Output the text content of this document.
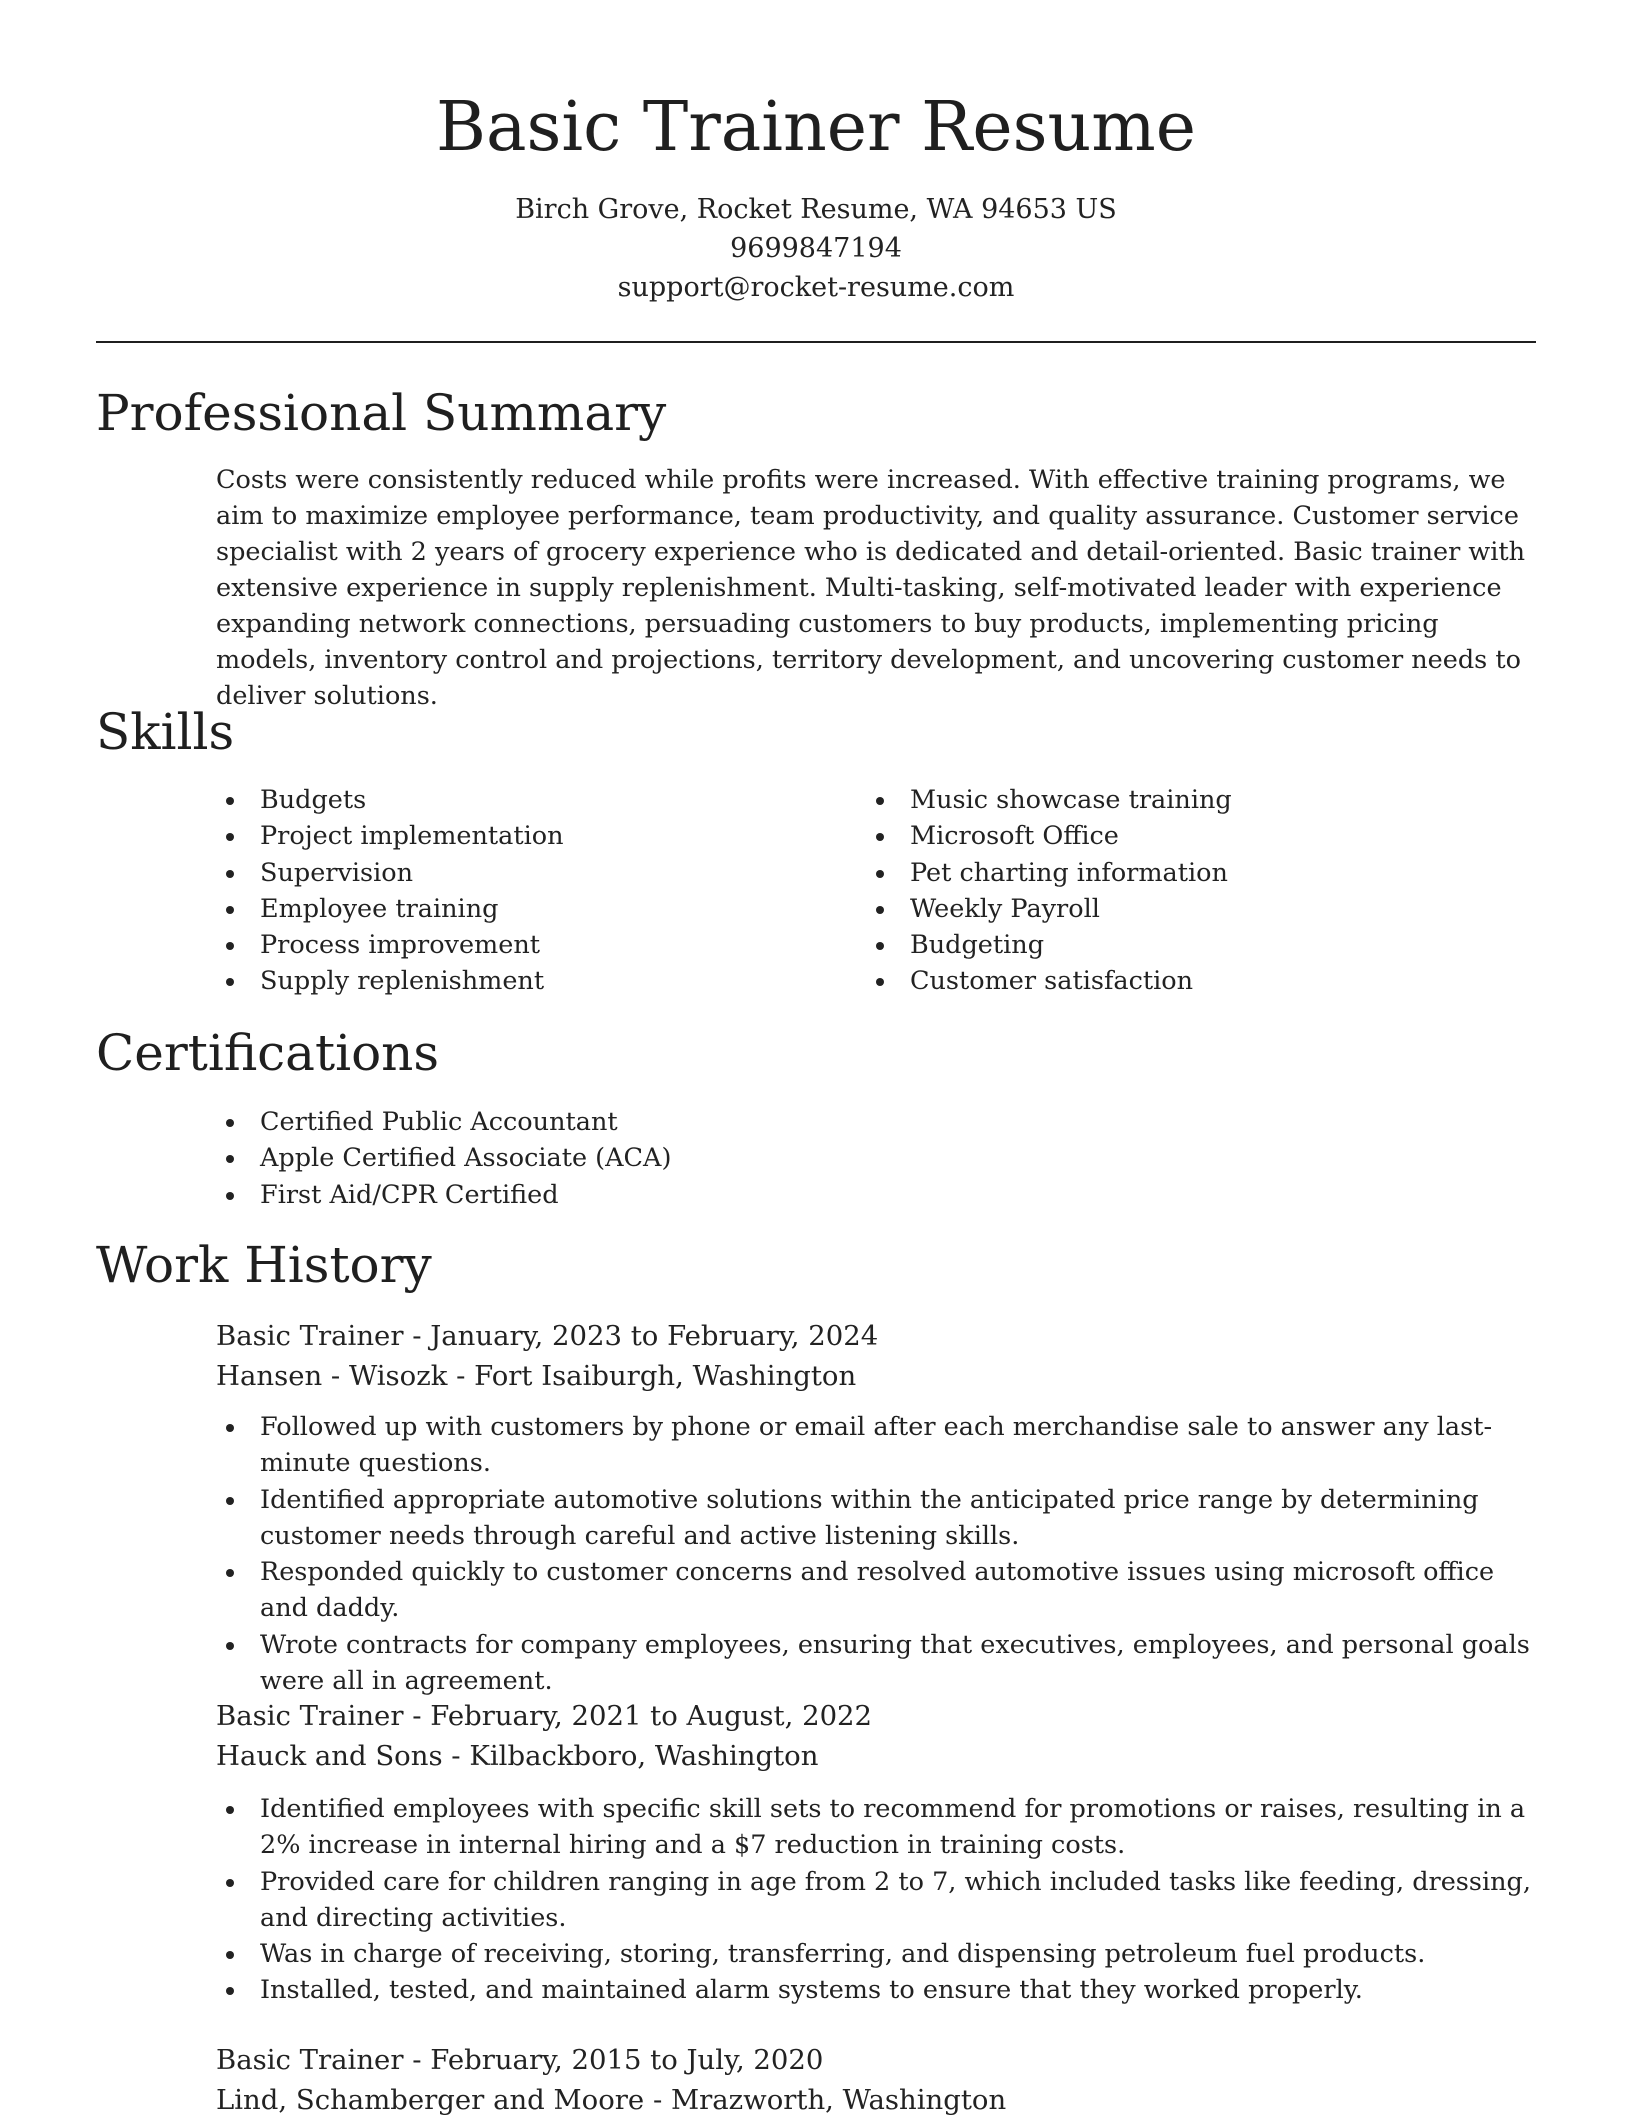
Basic Trainer Resume
Birch Grove, Rocket Resume, WA 94653 US
9699847194
support@rocket-resume.com
Professional Summary

Costs were consistently reduced while profits were increased. With effective training programs, we aim to maximize employee performance, team productivity, and quality assurance. Customer service specialist with 2 years of grocery experience who is dedicated and detail-oriented. Basic trainer with extensive experience in supply replenishment. Multi-tasking, self-motivated leader with experience expanding network connections, persuading customers to buy products, implementing pricing models, inventory control and projections, territory development, and uncovering customer needs to deliver solutions.

Skills
Budgets
Project implementation
Supervision
Employee training
Process improvement
Supply replenishment
Music showcase training
Microsoft Office
Pet charting information
Weekly Payroll
Budgeting
Customer satisfaction
Certifications
Certified Public Accountant
Apple Certified Associate (ACA)
First Aid/CPR Certified
Work History
Basic Trainer - January, 2023 to February, 2024
Hansen - Wisozk - Fort Isaiburgh, Washington
Followed up with customers by phone or email after each merchandise sale to answer any last-minute questions.
Identified appropriate automotive solutions within the anticipated price range by determining customer needs through careful and active listening skills.
Responded quickly to customer concerns and resolved automotive issues using microsoft office and daddy.
Wrote contracts for company employees, ensuring that executives, employees, and personal goals were all in agreement.
Basic Trainer - February, 2021 to August, 2022
Hauck and Sons - Kilbackboro, Washington
Identified employees with specific skill sets to recommend for promotions or raises, resulting in a 2% increase in internal hiring and a $7 reduction in training costs.
Provided care for children ranging in age from 2 to 7, which included tasks like feeding, dressing, and directing activities.
Was in charge of receiving, storing, transferring, and dispensing petroleum fuel products.
Installed, tested, and maintained alarm systems to ensure that they worked properly.
Basic Trainer - February, 2015 to July, 2020
Lind, Schamberger and Moore - Mrazworth, Washington
